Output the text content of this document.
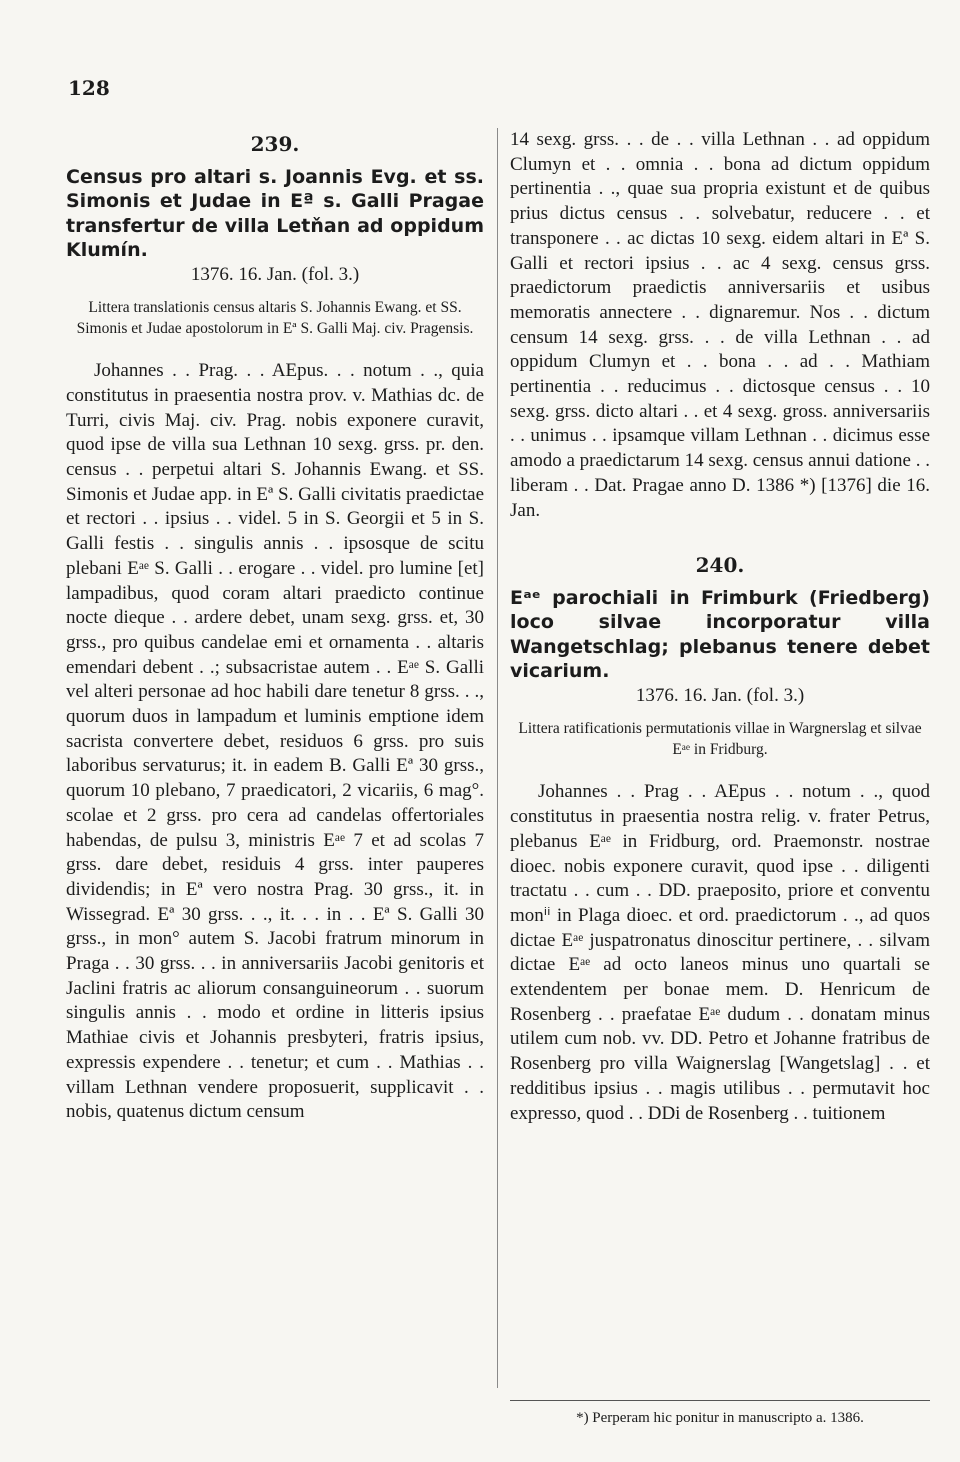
128
239.
Census pro altari s. Joannis Evg. et ss. Simonis et Judae in Eª s. Galli Pragae transfertur de villa Letňan ad oppidum Klumín.
1376. 16. Jan. (fol. 3.)
Littera translationis census altaris S. Johannis Ewang. et SS. Simonis et Judae apostolorum in Eª S. Galli Maj. civ. Pragensis.

Johannes . . Prag. . . AEpus. . . notum . ., quia constitutus in praesentia nostra prov. v. Mathias dc. de Turri, civis Maj. civ. Prag. nobis exponere curavit, quod ipse de villa sua Lethnan 10 sexg. grss. pr. den. census . . perpetui altari S. Johannis Ewang. et SS. Simonis et Judae app. in Eª S. Galli civitatis praedictae et rectori . . ipsius . . videl. 5 in S. Georgii et 5 in S. Galli festis . . singulis annis . . ipsosque de scitu plebani Eᵃᵉ S. Galli . . erogare . . videl. pro lumine [et] lampadibus, quod coram altari praedicto continue nocte dieque . . ardere debet, unam sexg. grss. et, 30 grss., pro quibus candelae emi et ornamenta . . altaris emendari debent . .; subsacristae autem . . Eᵃᵉ S. Galli vel alteri personae ad hoc habili dare tenetur 8 grss. . ., quorum duos in lampadum et luminis emptione idem sacrista convertere debet, residuos 6 grss. pro suis laboribus servaturus; it. in eadem B. Galli Eª 30 grss., quorum 10 plebano, 7 praedicatori, 2 vicariis, 6 mag°. scolae et 2 grss. pro cera ad candelas offertoriales habendas, de pulsu 3, ministris Eᵃᵉ 7 et ad scolas 7 grss. dare debet, residuis 4 grss. inter pauperes dividendis; in Eª vero nostra Prag. 30 grss., it. in Wissegrad. Eª 30 grss. . ., it. . . in . . Eª S. Galli 30 grss., in mon° autem S. Jacobi fratrum minorum in Praga . . 30 grss. . . in anniversariis Jacobi genitoris et Jaclini fratris ac aliorum consanguineorum . . suorum singulis annis . . modo et ordine in litteris ipsius Mathiae civis et Johannis presbyteri, fratris ipsius, expressis expendere . . tenetur; et cum . . Mathias . . villam Lethnan vendere proposuerit, supplicavit . . nobis, quatenus dictum censum

14 sexg. grss. . . de . . villa Lethnan . . ad oppidum Clumyn et . . omnia . . bona ad dictum oppidum pertinentia . ., quae sua propria existunt et de quibus prius dictus census . . solvebatur, reducere . . et transponere . . ac dictas 10 sexg. eidem altari in Eª S. Galli et rectori ipsius . . ac 4 sexg. census grss. praedictorum praedictis anniversariis et usibus memoratis annectere . . dignaremur. Nos . . dictum censum 14 sexg. grss. . . de villa Lethnan . . ad oppidum Clumyn et . . bona . . ad . . Mathiam pertinentia . . reducimus . . dictosque census . . 10 sexg. grss. dicto altari . . et 4 sexg. gross. anniversariis . . unimus . . ipsamque villam Lethnan . . dicimus esse amodo a praedictarum 14 sexg. census annui datione . . liberam . . Dat. Pragae anno D. 1386 *) [1376] die 16. Jan.

240.
Eᵃᵉ parochiali in Frimburk (Friedberg) loco silvae incorporatur villa Wangetschlag; plebanus tenere debet vicarium.
1376. 16. Jan. (fol. 3.)
Littera ratificationis permutationis villae in Wargnerslag et silvae Eᵃᵉ in Fridburg.

Johannes . . Prag . . AEpus . . notum . ., quod constitutus in praesentia nostra relig. v. frater Petrus, plebanus Eᵃᵉ in Fridburg, ord. Praemonstr. nostrae dioec. nobis exponere curavit, quod ipse . . diligenti tractatu . . cum . . DD. praeposito, priore et conventu monⁱⁱ in Plaga dioec. et ord. praedictorum . ., ad quos dictae Eᵃᵉ juspatronatus dinoscitur pertinere, . . silvam dictae Eᵃᵉ ad octo laneos minus uno quartali se extendentem per bonae mem. D. Henricum de Rosenberg . . praefatae Eᵃᵉ dudum . . donatam minus utilem cum nob. vv. DD. Petro et Johanne fratribus de Rosenberg pro villa Waignerslag [Wangetslag] . . et redditibus ipsius . . magis utilibus . . permutavit hoc expresso, quod . . DDi de Rosenberg . . tuitionem

*) Perperam hic ponitur in manuscripto a. 1386.
